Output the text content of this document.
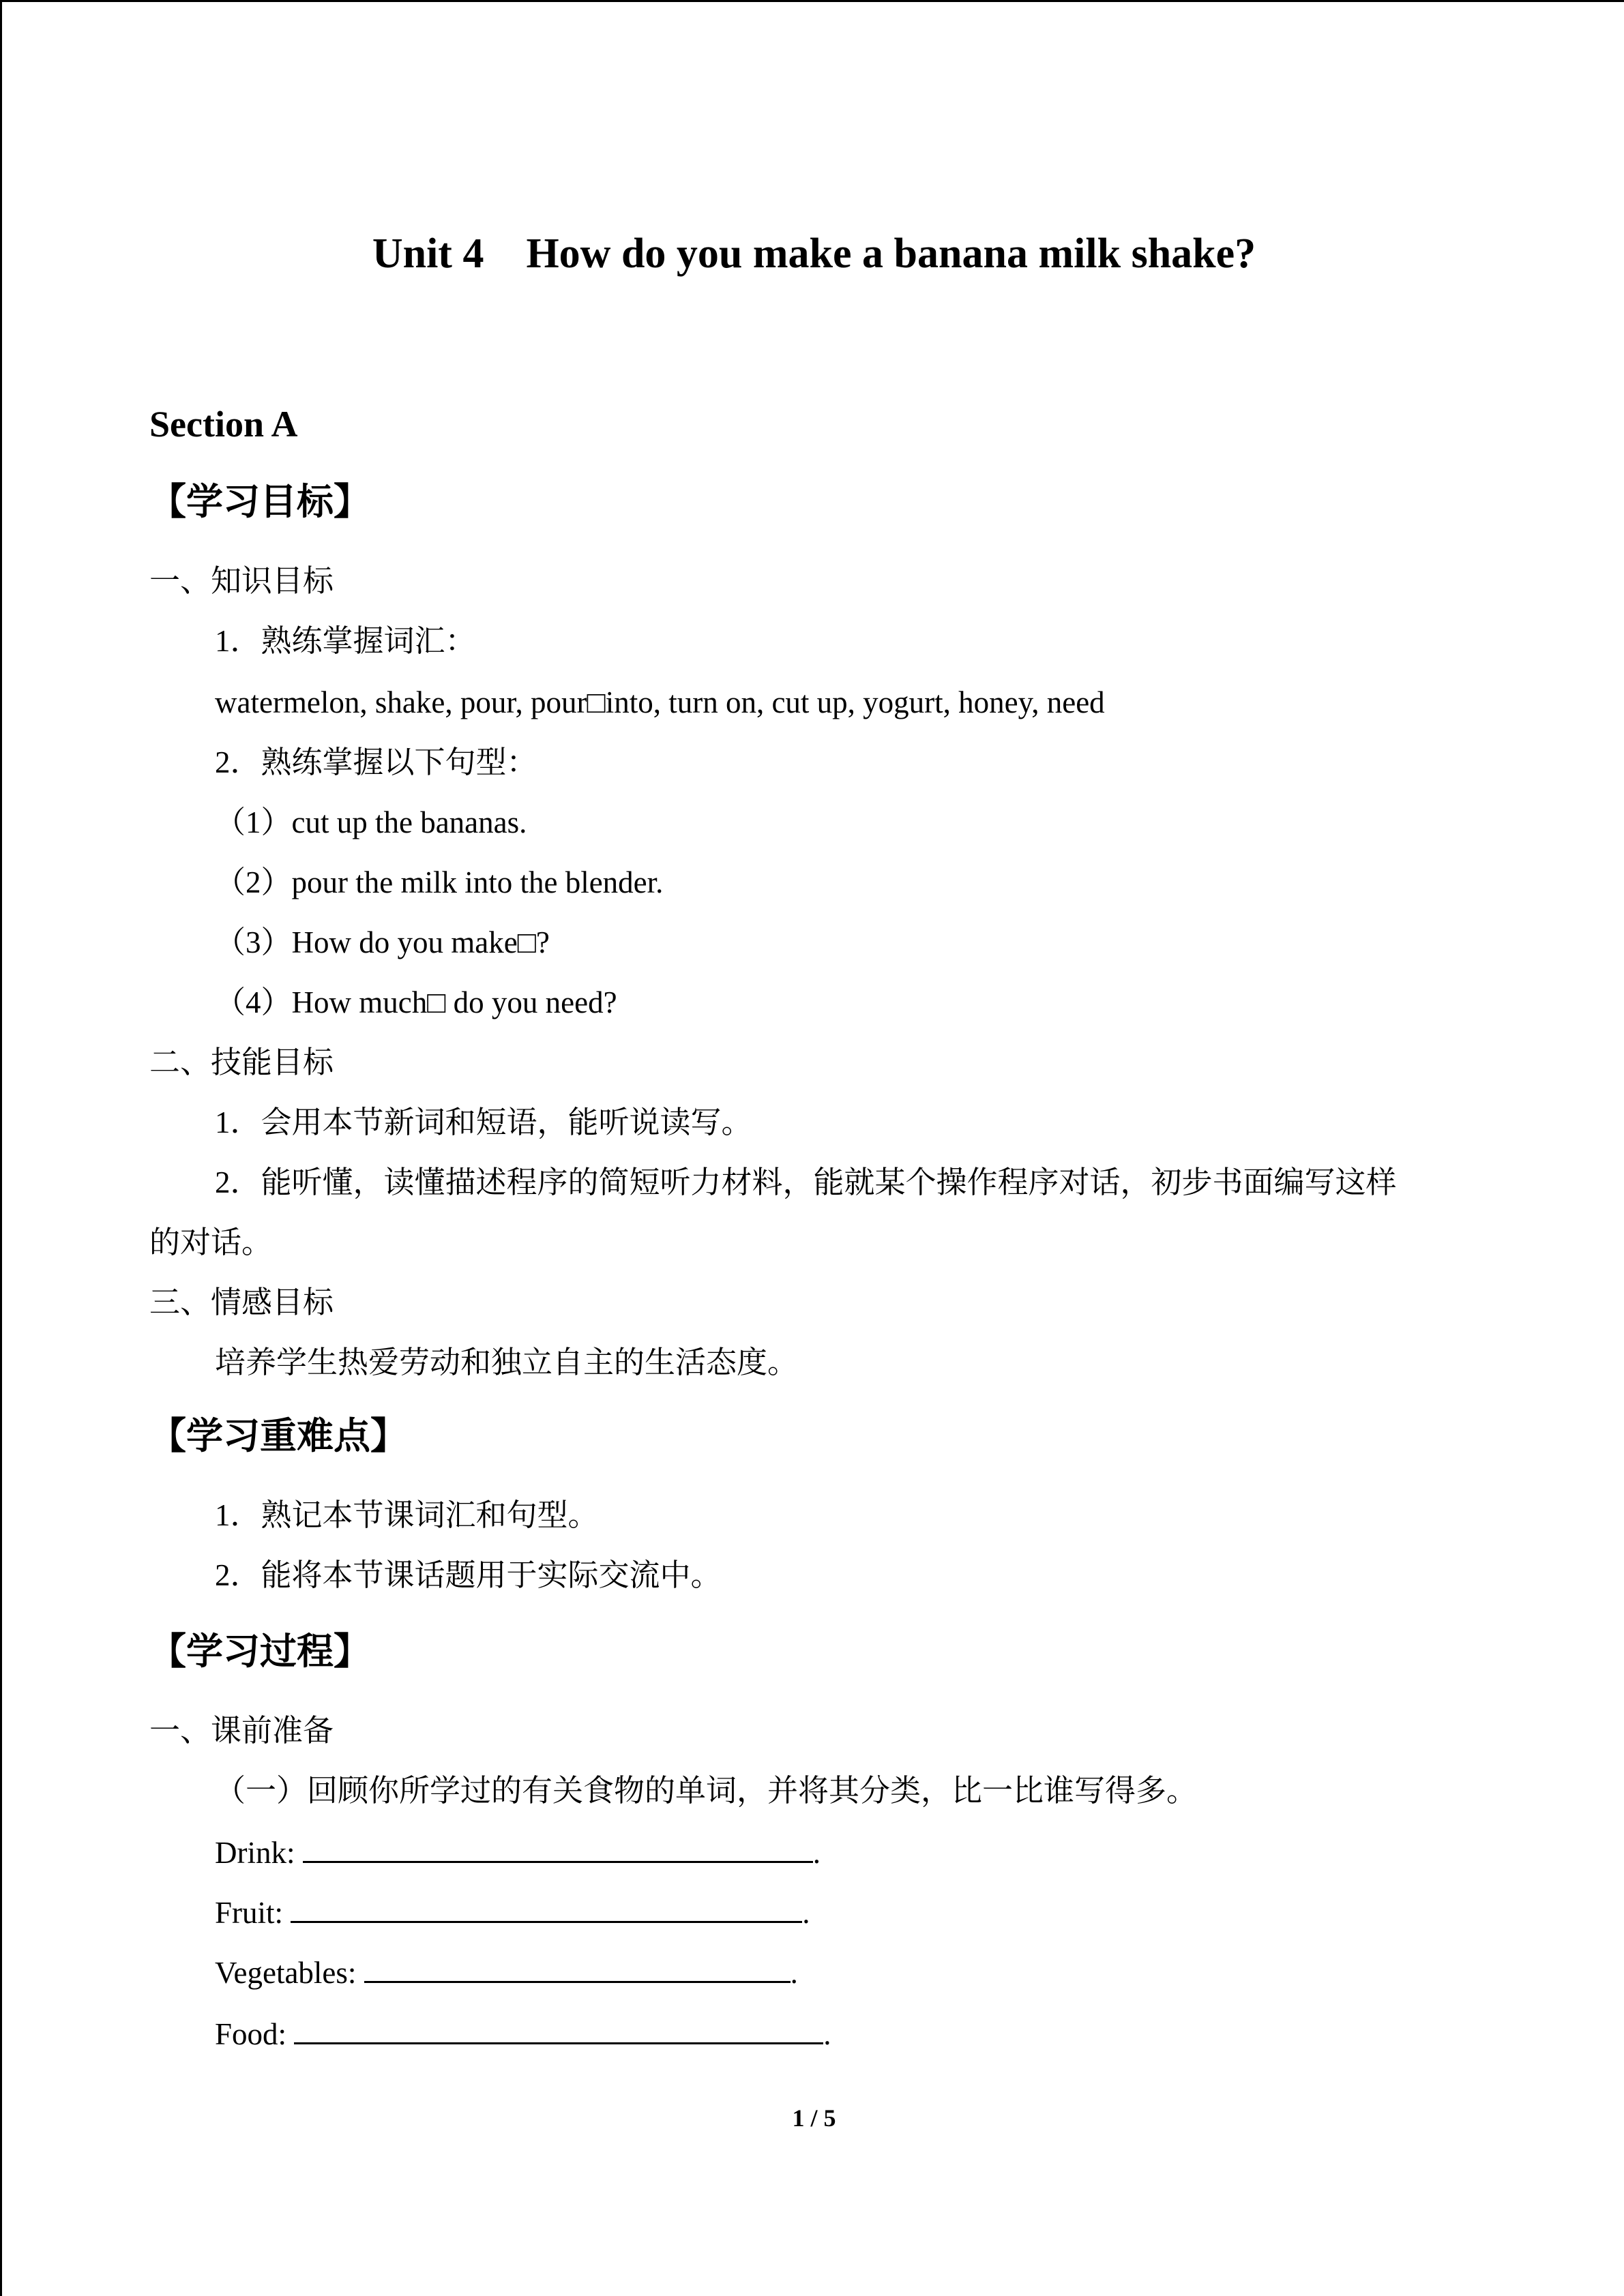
Unit 4　How do you make a banana milk shake?
Section A
【学习目标】
一、知识目标
1．熟练掌握词汇：
watermelon, shake, pour, pour□into, turn on, cut up, yogurt, honey, need
2．熟练掌握以下句型：
（1）cut up the bananas.
（2）pour the milk into the blender.
（3）How do you make□?
（4）How much□ do you need?
二、技能目标
1．会用本节新词和短语，能听说读写。
2．能听懂，读懂描述程序的简短听力材料，能就某个操作程序对话，初步书面编写这样
的对话。
三、情感目标
培养学生热爱劳动和独立自主的生活态度。
【学习重难点】
1．熟记本节课词汇和句型。
2．能将本节课话题用于实际交流中。
【学习过程】
一、课前准备
（一）回顾你所学过的有关食物的单词，并将其分类，比一比谁写得多。
Drink:	.
Fruit:	.
Vegetables:	.
Food:	.
1 / 5
